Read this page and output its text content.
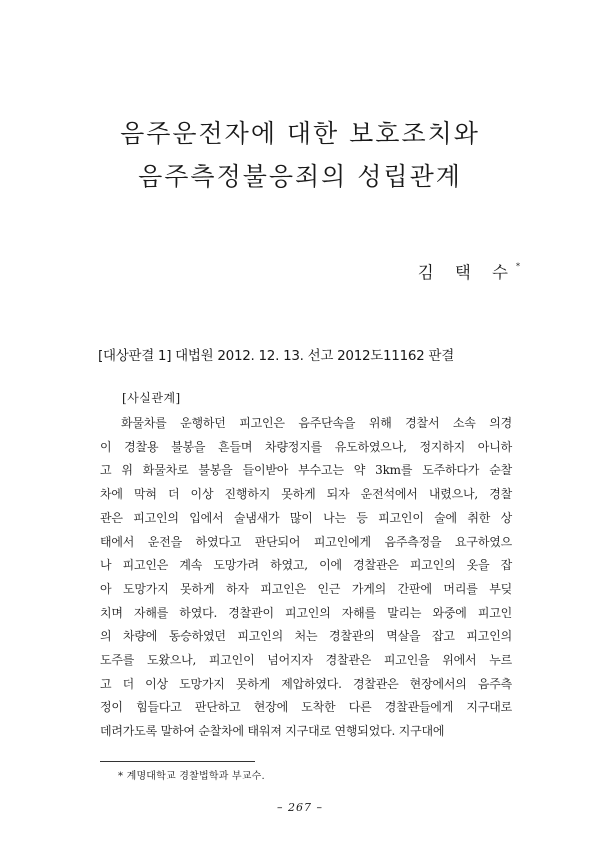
음주운전자에 대한 보호조치와
음주측정불응죄의 성립관계
김 택 수*
[대상판결 1] 대법원 2012. 12. 13. 선고 2012도11162 판결
[사실관계]
화물차를 운행하던 피고인은 음주단속을 위해 경찰서 소속 의경
이 경찰용 불봉을 흔들며 차량정지를 유도하였으나, 정지하지 아니하
고 위 화물차로 불봉을 들이받아 부수고는 약 3km를 도주하다가 순찰
차에 막혀 더 이상 진행하지 못하게 되자 운전석에서 내렸으나, 경찰
관은 피고인의 입에서 술냄새가 많이 나는 등 피고인이 술에 취한 상
태에서 운전을 하였다고 판단되어 피고인에게 음주측정을 요구하였으
나 피고인은 계속 도망가려 하였고, 이에 경찰관은 피고인의 옷을 잡
아 도망가지 못하게 하자 피고인은 인근 가게의 간판에 머리를 부딪
치며 자해를 하였다. 경찰관이 피고인의 자해를 말리는 와중에 피고인
의 차량에 동승하였던 피고인의 처는 경찰관의 멱살을 잡고 피고인의
도주를 도왔으나, 피고인이 넘어지자 경찰관은 피고인을 위에서 누르
고 더 이상 도망가지 못하게 제압하였다. 경찰관은 현장에서의 음주측
정이 힘들다고 판단하고 현장에 도착한 다른 경찰관들에게 지구대로
데려가도록 말하여 순찰차에 태워져 지구대로 연행되었다. 지구대에
* 계명대학교 경찰법학과 부교수.
– 267 –
